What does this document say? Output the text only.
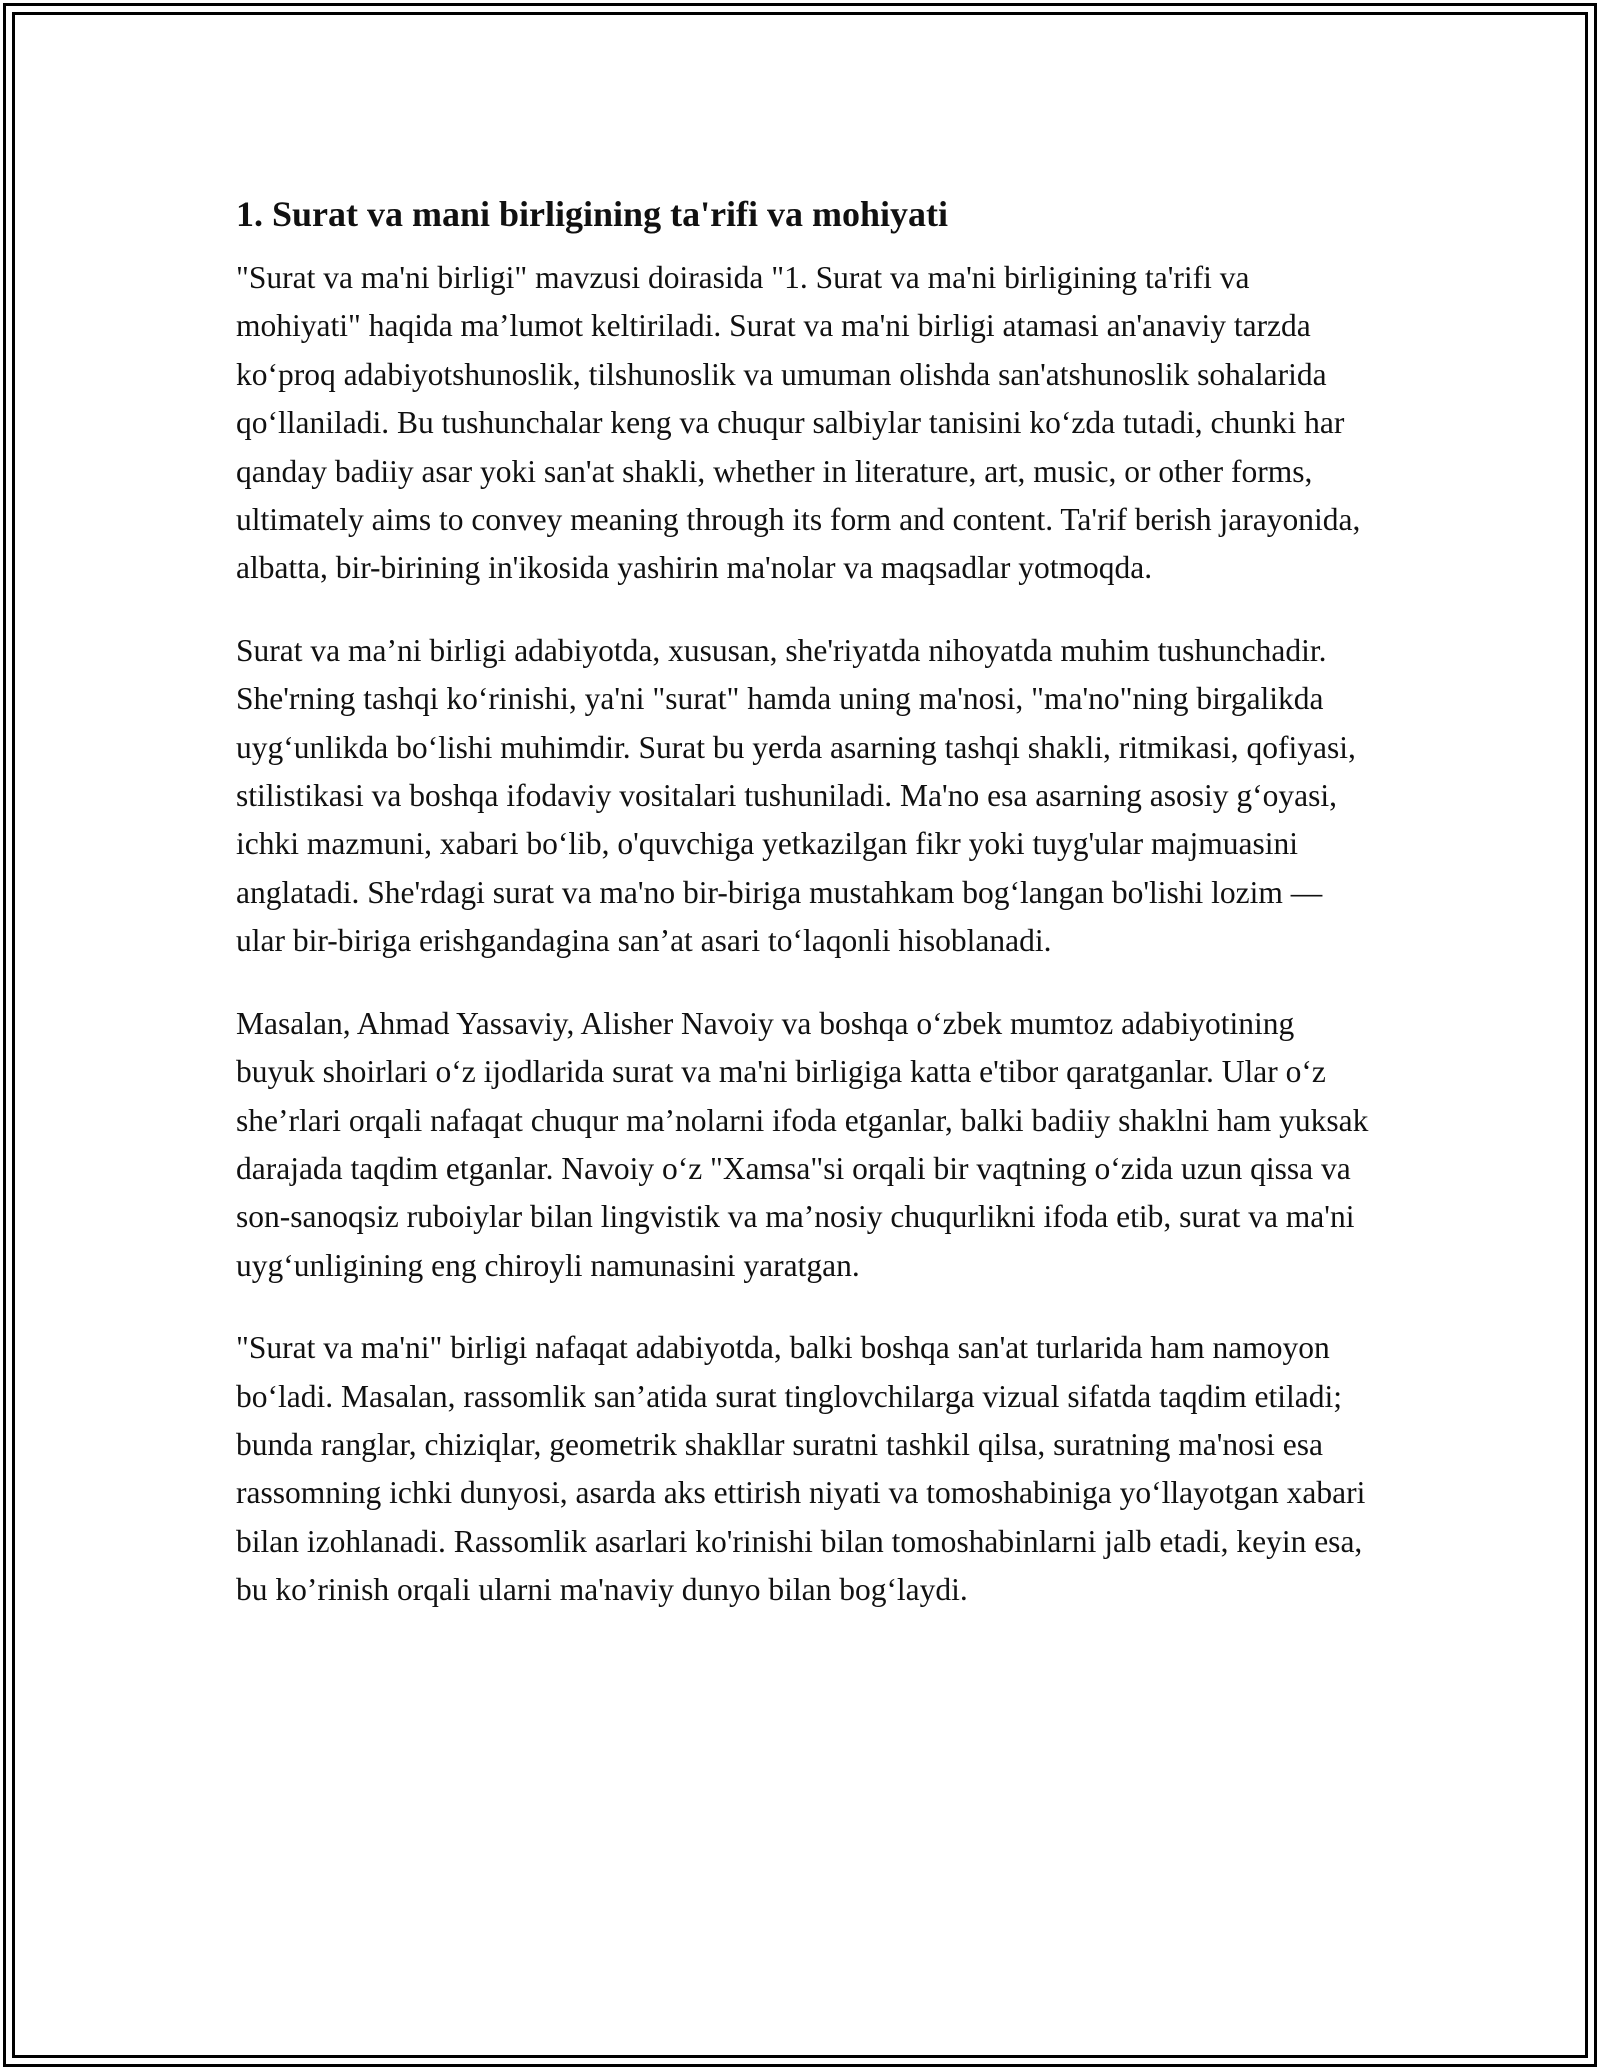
1. Surat va mani birligining ta'rifi va mohiyati

"Surat va ma'ni birligi" mavzusi doirasida "1. Surat va ma'ni birligining ta'rifi va mohiyati" haqida ma’lumot keltiriladi. Surat va ma'ni birligi atamasi an'anaviy tarzda ko‘proq adabiyotshunoslik, tilshunoslik va umuman olishda san'atshunoslik sohalarida qo‘llaniladi. Bu tushunchalar keng va chuqur salbiylar tanisini ko‘zda tutadi, chunki har qanday badiiy asar yoki san'at shakli, whether in literature, art, music, or other forms, ultimately aims to convey meaning through its form and content. Ta'rif berish jarayonida, albatta, bir-birining in'ikosida yashirin ma'nolar va maqsadlar yotmoqda.

Surat va ma’ni birligi adabiyotda, xususan, she'riyatda nihoyatda muhim tushunchadir. She'rning tashqi ko‘rinishi, ya'ni "surat" hamda uning ma'nosi, "ma'no"ning birgalikda uyg‘unlikda bo‘lishi muhimdir. Surat bu yerda asarning tashqi shakli, ritmikasi, qofiyasi, stilistikasi va boshqa ifodaviy vositalari tushuniladi. Ma'no esa asarning asosiy g‘oyasi, ichki mazmuni, xabari bo‘lib, o'quvchiga yetkazilgan fikr yoki tuyg'ular majmuasini anglatadi. She'rdagi surat va ma'no bir-biriga mustahkam bog‘langan bo'lishi lozim — ular bir-biriga erishgandagina san’at asari to‘laqonli hisoblanadi.

Masalan, Ahmad Yassaviy, Alisher Navoiy va boshqa o‘zbek mumtoz adabiyotining buyuk shoirlari o‘z ijodlarida surat va ma'ni birligiga katta e'tibor qaratganlar. Ular o‘z she’rlari orqali nafaqat chuqur ma’nolarni ifoda etganlar, balki badiiy shaklni ham yuksak darajada taqdim etganlar. Navoiy o‘z "Xamsa"si orqali bir vaqtning o‘zida uzun qissa va son-sanoqsiz ruboiylar bilan lingvistik va ma’nosiy chuqurlikni ifoda etib, surat va ma'ni uyg‘unligining eng chiroyli namunasini yaratgan.

"Surat va ma'ni" birligi nafaqat adabiyotda, balki boshqa san'at turlarida ham namoyon bo‘ladi. Masalan, rassomlik san’atida surat tinglovchilarga vizual sifatda taqdim etiladi; bunda ranglar, chiziqlar, geometrik shakllar suratni tashkil qilsa, suratning ma'nosi esa rassomning ichki dunyosi, asarda aks ettirish niyati va tomoshabiniga yo‘llayotgan xabari bilan izohlanadi. Rassomlik asarlari ko'rinishi bilan tomoshabinlarni jalb etadi, keyin esa, bu ko’rinish orqali ularni ma'naviy dunyo bilan bog‘laydi.
